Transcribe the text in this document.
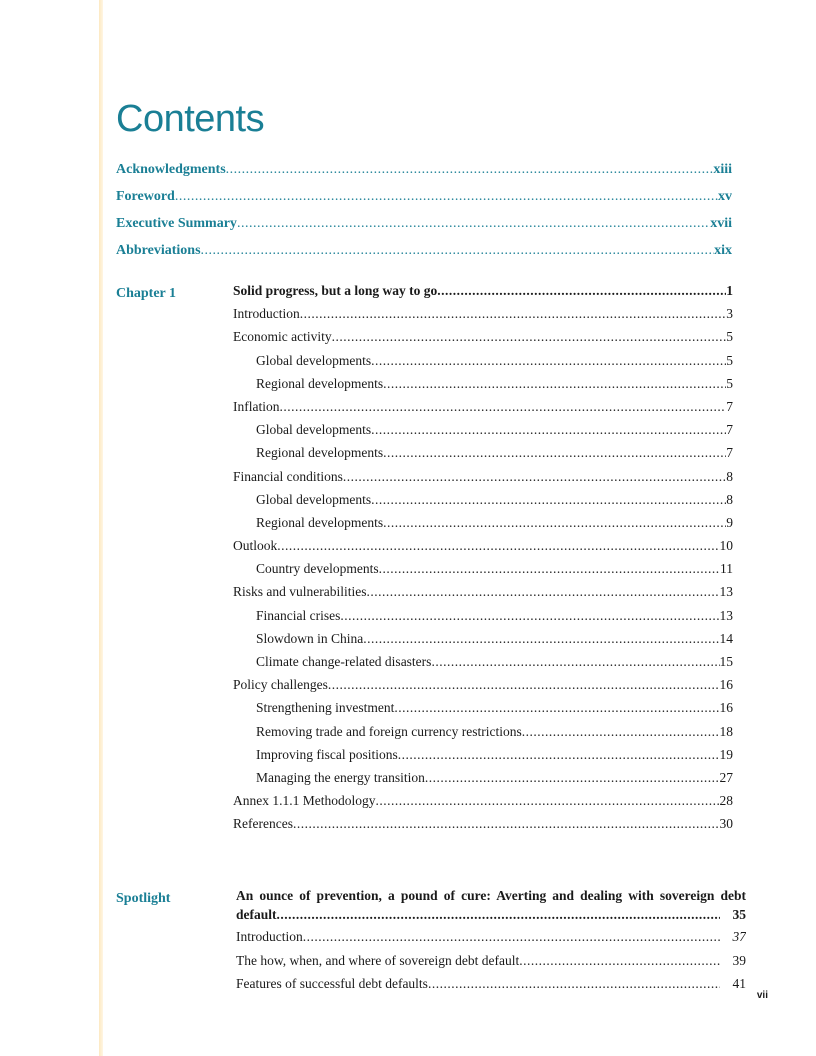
Contents
Acknowledgments .....	xiii
Foreword .....	xv
Executive Summary .....	xvii
Abbreviations .....	xix
Chapter 1	Solid progress, but a long way to go .....	1
Introduction .....	3
Economic activity .....	5
Global developments .....	5
Regional developments .....	5
Inflation .....	7
Global developments .....	7
Regional developments .....	7
Financial conditions .....	8
Global developments .....	8
Regional developments .....	9
Outlook .....	10
Country developments .....	11
Risks and vulnerabilities .....	13
Financial crises .....	13
Slowdown in China .....	14
Climate change-related disasters .....	15
Policy challenges .....	16
Strengthening investment .....	16
Removing trade and foreign currency restrictions .....	18
Improving fiscal positions .....	19
Managing the energy transition .....	27
Annex 1.1.1 Methodology .....	28
References .....	30
Spotlight	An ounce of prevention, a pound of cure: Averting and dealing with sovereign debt
default .....	35
Introduction .....	37
The how, when, and where of sovereign debt default .....	39
Features of successful debt defaults .....	41
vii
